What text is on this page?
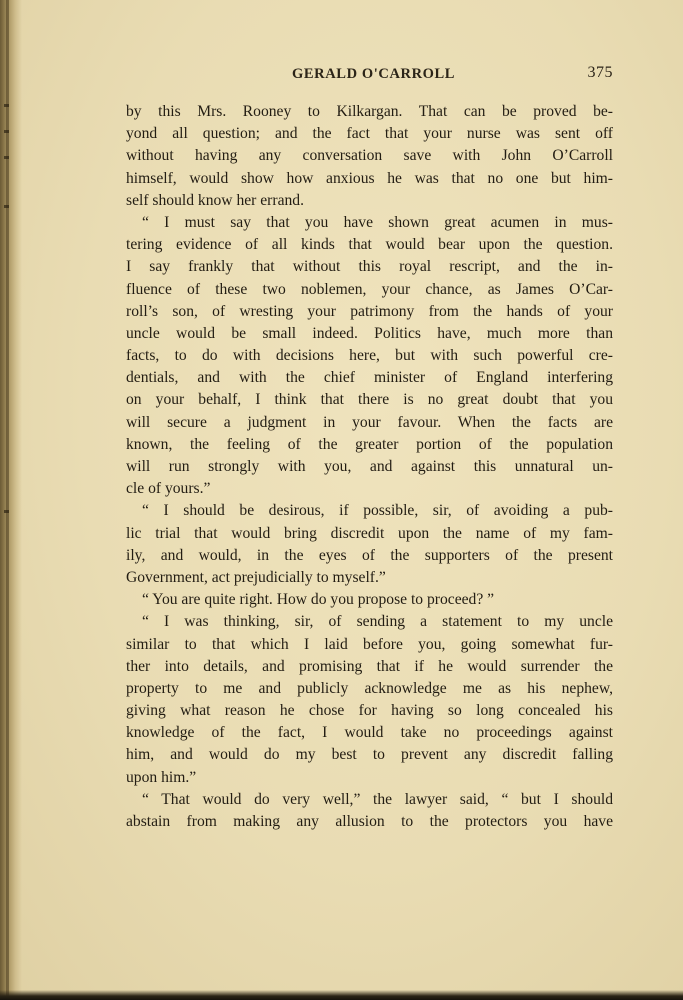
GERALD O'CARROLL	375
by this Mrs. Rooney to Kilkargan. That can be proved be-
yond all question; and the fact that your nurse was sent off
without having any conversation save with John O’Carroll
himself, would show how anxious he was that no one but him-
self should know her errand.
“ I must say that you have shown great acumen in mus-
tering evidence of all kinds that would bear upon the question.
I say frankly that without this royal rescript, and the in-
fluence of these two noblemen, your chance, as James O’Car-
roll’s son, of wresting your patrimony from the hands of your
uncle would be small indeed. Politics have, much more than
facts, to do with decisions here, but with such powerful cre-
dentials, and with the chief minister of England interfering
on your behalf, I think that there is no great doubt that you
will secure a judgment in your favour. When the facts are
known, the feeling of the greater portion of the population
will run strongly with you, and against this unnatural un-
cle of yours.”
“ I should be desirous, if possible, sir, of avoiding a pub-
lic trial that would bring discredit upon the name of my fam-
ily, and would, in the eyes of the supporters of the present
Government, act prejudicially to myself.”
“ You are quite right. How do you propose to proceed? ”
“ I was thinking, sir, of sending a statement to my uncle
similar to that which I laid before you, going somewhat fur-
ther into details, and promising that if he would surrender the
property to me and publicly acknowledge me as his nephew,
giving what reason he chose for having so long concealed his
knowledge of the fact, I would take no proceedings against
him, and would do my best to prevent any discredit falling
upon him.”
“ That would do very well,” the lawyer said, “ but I should
abstain from making any allusion to the protectors you have
